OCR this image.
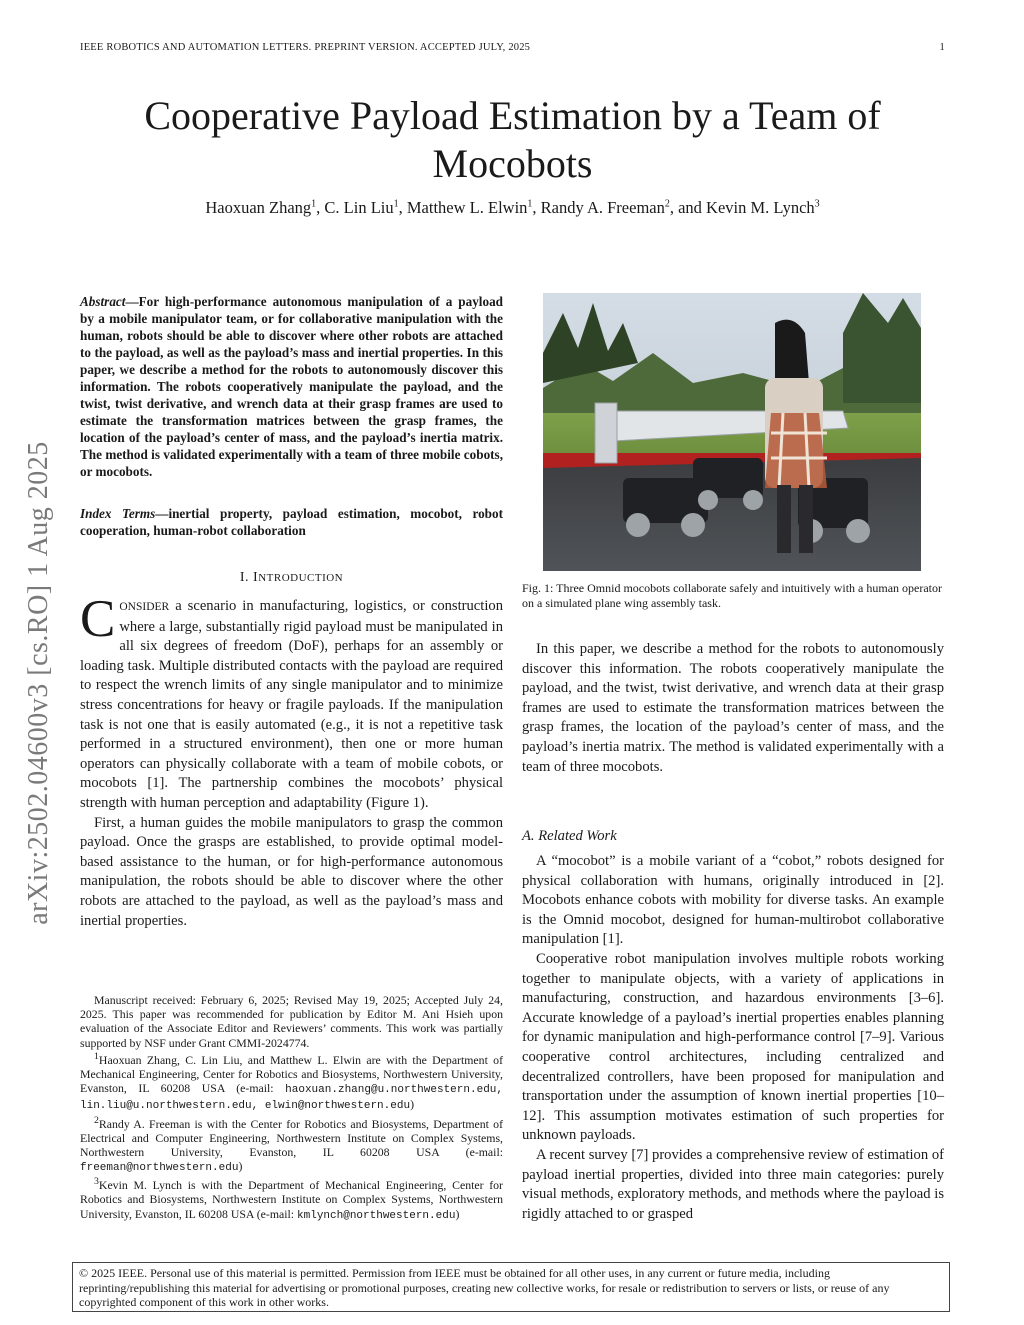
IEEE ROBOTICS AND AUTOMATION LETTERS. PREPRINT VERSION. ACCEPTED JULY, 2025	1
arXiv:2502.04600v3 [cs.RO] 1 Aug 2025
Cooperative Payload Estimation by a Team of Mocobots
Haoxuan Zhang$^1$, C. Lin Liu$^1$, Matthew L. Elwin$^1$, Randy A. Freeman$^2$, and Kevin M. Lynch$^3$
Abstract—For high-performance autonomous manipulation of a payload by a mobile manipulator team, or for collaborative manipulation with the human, robots should be able to discover where other robots are attached to the payload, as well as the payload’s mass and inertial properties. In this paper, we describe a method for the robots to autonomously discover this information. The robots cooperatively manipulate the payload, and the twist, twist derivative, and wrench data at their grasp frames are used to estimate the transformation matrices between the grasp frames, the location of the payload’s center of mass, and the payload’s inertia matrix. The method is validated experimentally with a team of three mobile cobots, or mocobots.
Index Terms—inertial property, payload estimation, mocobot, robot cooperation, human-robot collaboration
I. INTRODUCTION

CONSIDER a scenario in manufacturing, logistics, or construction where a large, substantially rigid payload must be manipulated in all six degrees of freedom (DoF), perhaps for an assembly or loading task. Multiple distributed contacts with the payload are required to respect the wrench limits of any single manipulator and to minimize stress concentrations for heavy or fragile payloads. If the manipulation task is not one that is easily automated (e.g., it is not a repetitive task performed in a structured environment), then one or more human operators can physically collaborate with a team of mobile cobots, or mocobots [1]. The partnership combines the mocobots’ physical strength with human perception and adaptability (Figure 1).

First, a human guides the mobile manipulators to grasp the common payload. Once the grasps are established, to provide optimal model-based assistance to the human, or for high-performance autonomous manipulation, the robots should be able to discover where the other robots are attached to the payload, as well as the payload’s mass and inertial properties.

Manuscript received: February 6, 2025; Revised May 19, 2025; Accepted July 24, 2025. This paper was recommended for publication by Editor M. Ani Hsieh upon evaluation of the Associate Editor and Reviewers’ comments. This work was partially supported by NSF under Grant CMMI-2024774.

$^1$Haoxuan Zhang, C. Lin Liu, and Matthew L. Elwin are with the Department of Mechanical Engineering, Center for Robotics and Biosystems, Northwestern University, Evanston, IL 60208 USA (e-mail: haoxuan.zhang@u.northwestern.edu, lin.liu@u.northwestern.edu, elwin@northwestern.edu)

$^2$Randy A. Freeman is with the Center for Robotics and Biosystems, Department of Electrical and Computer Engineering, Northwestern Institute on Complex Systems, Northwestern University, Evanston, IL 60208 USA (e-mail: freeman@northwestern.edu)

$^3$Kevin M. Lynch is with the Department of Mechanical Engineering, Center for Robotics and Biosystems, Northwestern Institute on Complex Systems, Northwestern University, Evanston, IL 60208 USA (e-mail: kmlynch@northwestern.edu)

Fig. 1: Three Omnid mocobots collaborate safely and intuitively with a human operator on a simulated plane wing assembly task.

In this paper, we describe a method for the robots to autonomously discover this information. The robots cooperatively manipulate the payload, and the twist, twist derivative, and wrench data at their grasp frames are used to estimate the transformation matrices between the grasp frames, the location of the payload’s center of mass, and the payload’s inertia matrix. The method is validated experimentally with a team of three mocobots.

A. Related Work

A “mocobot” is a mobile variant of a “cobot,” robots designed for physical collaboration with humans, originally introduced in [2]. Mocobots enhance cobots with mobility for diverse tasks. An example is the Omnid mocobot, designed for human-multirobot collaborative manipulation [1].

Cooperative robot manipulation involves multiple robots working together to manipulate objects, with a variety of applications in manufacturing, construction, and hazardous environments [3–6]. Accurate knowledge of a payload’s inertial properties enables planning for dynamic manipulation and high-performance control [7–9]. Various cooperative control architectures, including centralized and decentralized controllers, have been proposed for manipulation and transportation under the assumption of known inertial properties [10–12]. This assumption motivates estimation of such properties for unknown payloads.

A recent survey [7] provides a comprehensive review of estimation of payload inertial properties, divided into three main categories: purely visual methods, exploratory methods, and methods where the payload is rigidly attached to or grasped

© 2025 IEEE. Personal use of this material is permitted. Permission from IEEE must be obtained for all other uses, in any current or future media, including reprinting/republishing this material for advertising or promotional purposes, creating new collective works, for resale or redistribution to servers or lists, or reuse of any copyrighted component of this work in other works.
